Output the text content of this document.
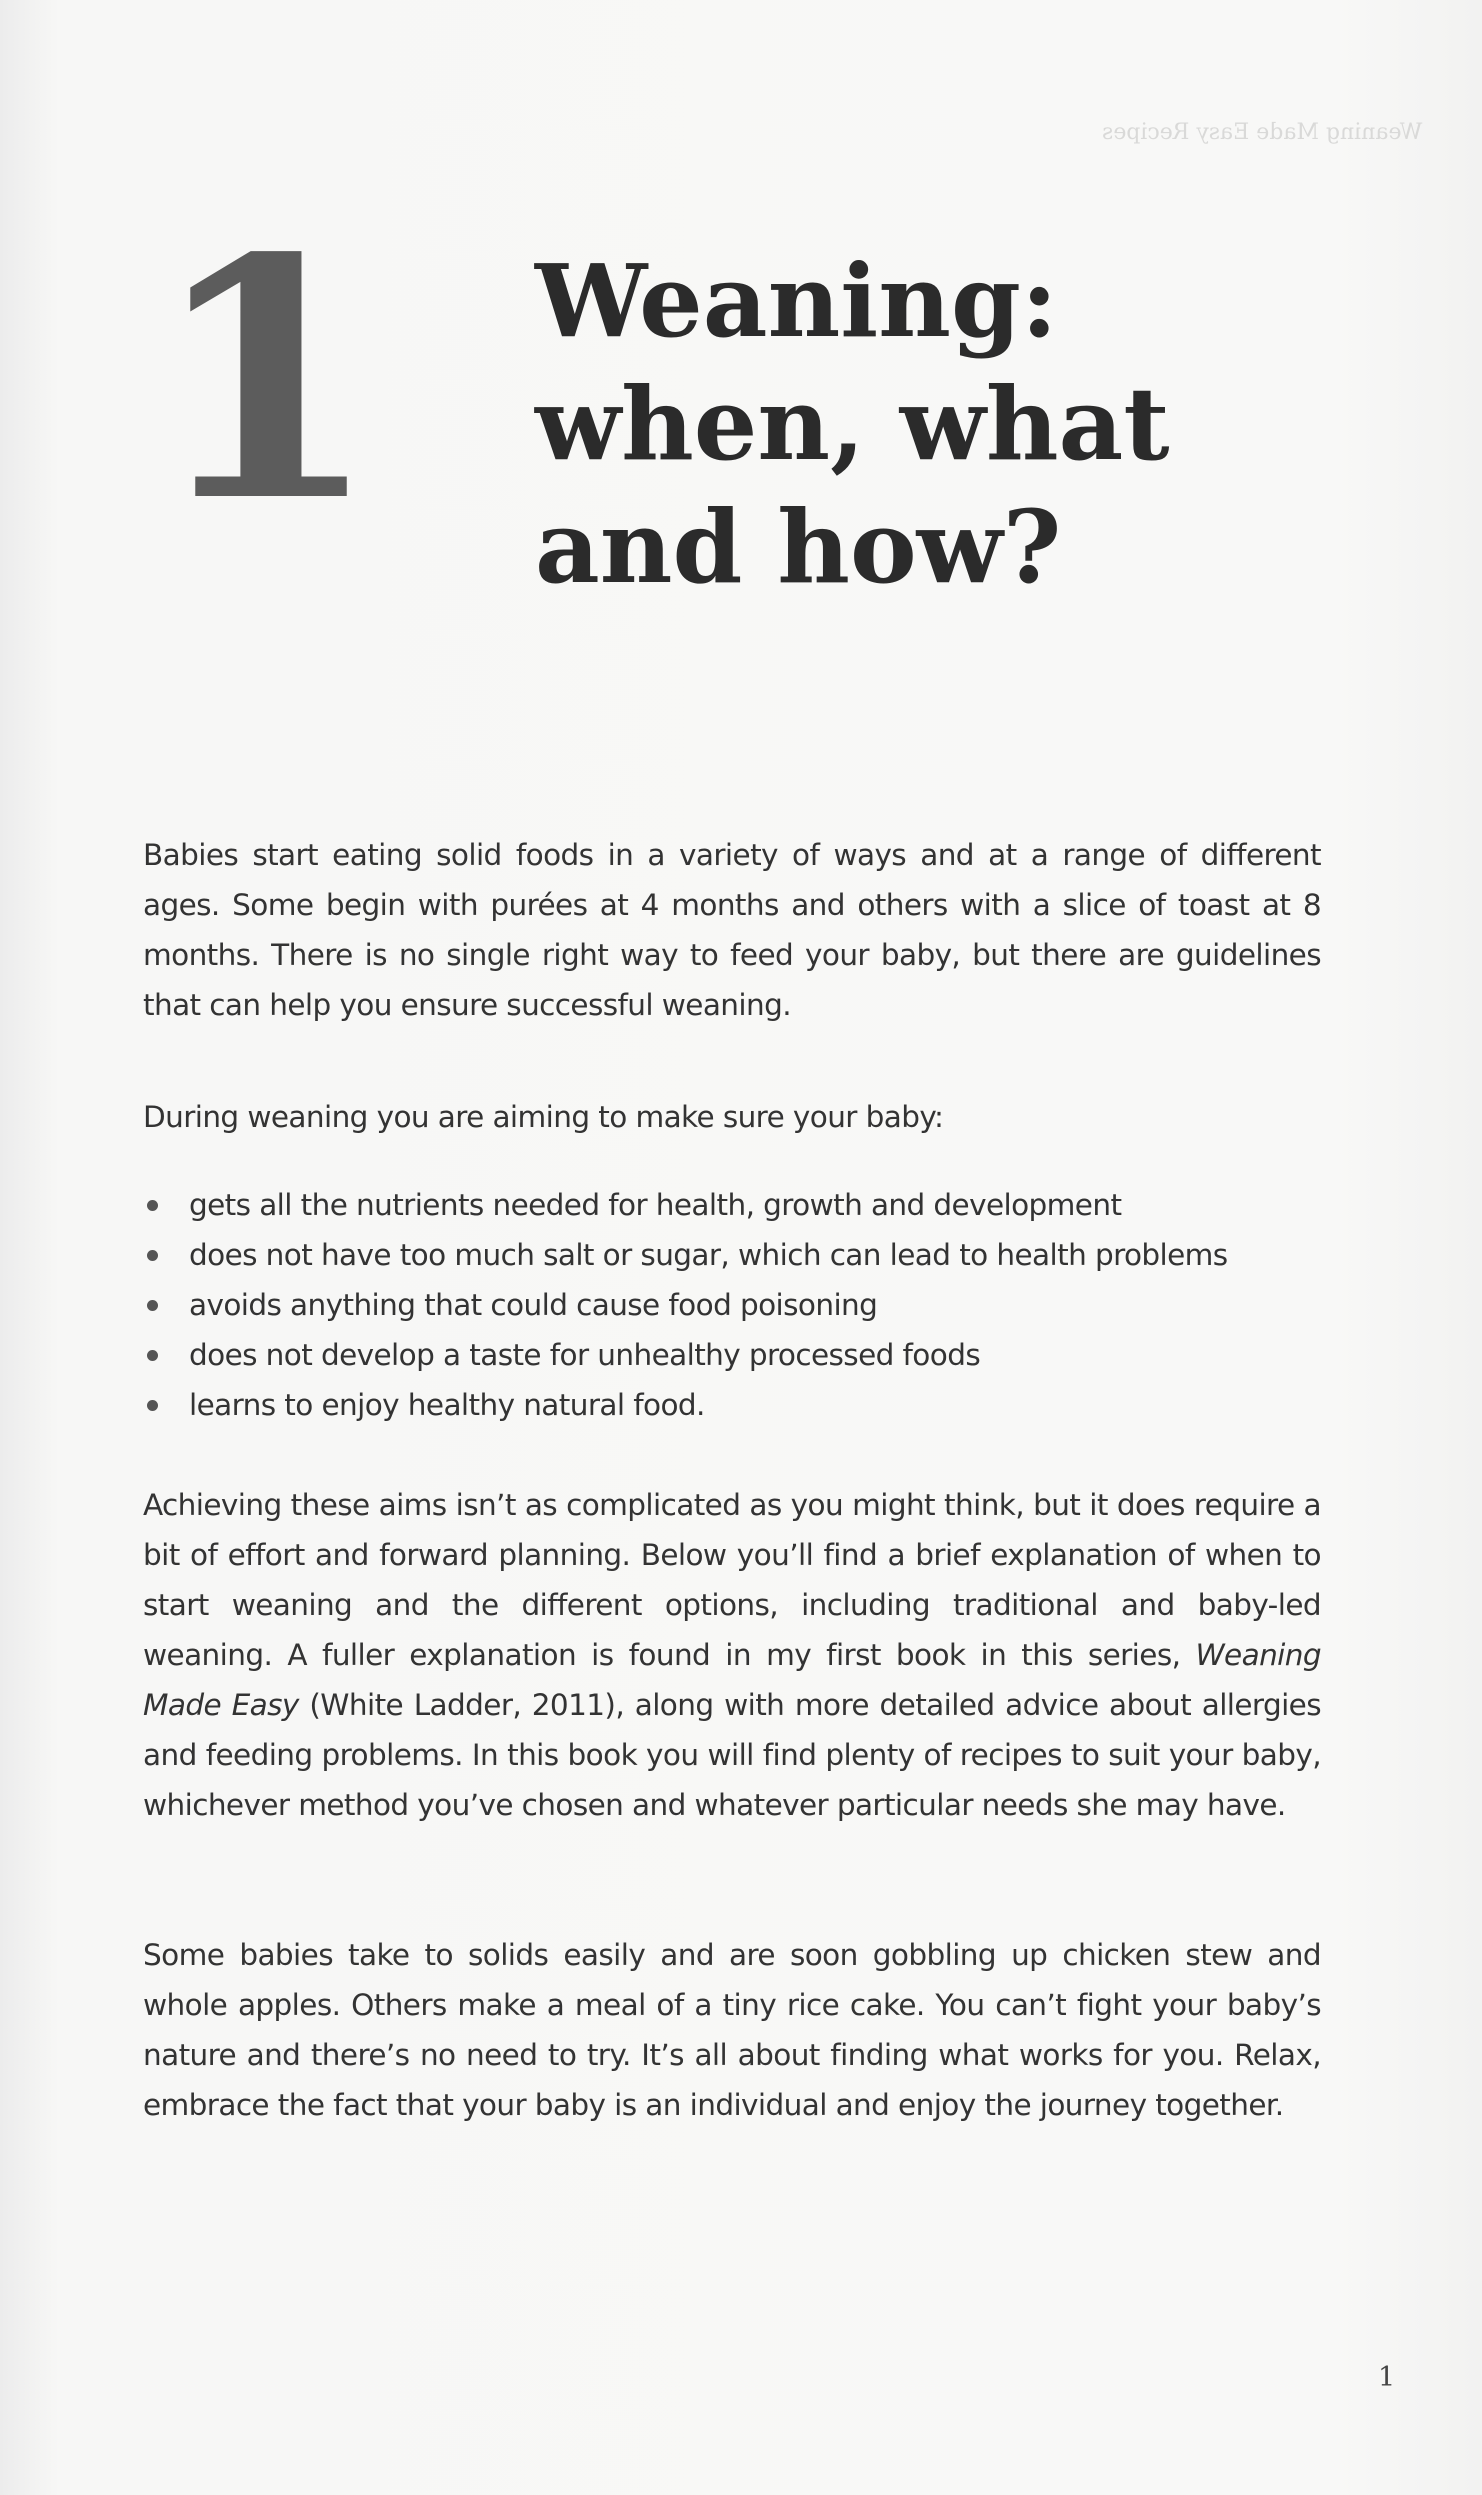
Weaning Made Easy Recipes
1 Weaning:
when, what
and how?

Babies start eating solid foods in a variety of ways and at a range of different ages. Some begin with purées at 4 months and others with a slice of toast at 8 months. There is no single right way to feed your baby, but there are guidelines that can help you ensure successful weaning.

During weaning you are aiming to make sure your baby:

gets all the nutrients needed for health, growth and development
does not have too much salt or sugar, which can lead to health problems
avoids anything that could cause food poisoning
does not develop a taste for unhealthy processed foods
learns to enjoy healthy natural food.

Achieving these aims isn’t as complicated as you might think, but it does require a bit of effort and forward planning. Below you’ll find a brief explanation of when to start weaning and the different options, including traditional and baby-led weaning. A fuller explanation is found in my first book in this series, Weaning Made Easy (White Ladder, 2011), along with more detailed advice about allergies and feeding problems. In this book you will find plenty of recipes to suit your baby, whichever method you’ve chosen and whatever particular needs she may have.

Some babies take to solids easily and are soon gobbling up chicken stew and whole apples. Others make a meal of a tiny rice cake. You can’t fight your baby’s nature and there’s no need to try. It’s all about finding what works for you. Relax, embrace the fact that your baby is an individual and enjoy the journey together.

1
